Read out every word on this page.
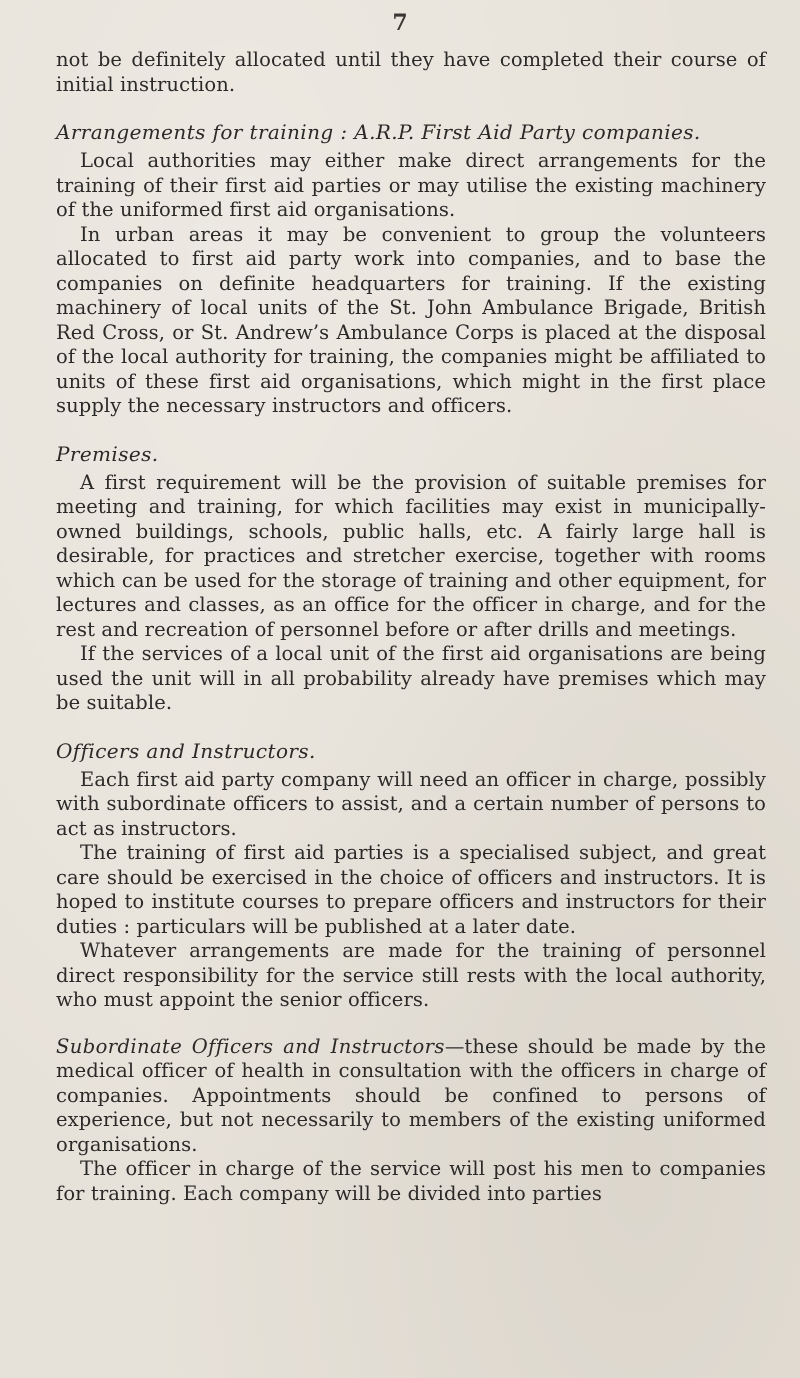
7

not be definitely allocated until they have completed their course of initial instruction.

Arrangements for training : A.R.P. First Aid Party companies.

Local authorities may either make direct arrangements for the training of their first aid parties or may utilise the existing machinery of the uniformed first aid organisations.

In urban areas it may be convenient to group the volunteers allocated to first aid party work into companies, and to base the companies on definite headquarters for training. If the existing machinery of local units of the St. John Ambulance Brigade, British Red Cross, or St. Andrew’s Ambulance Corps is placed at the disposal of the local authority for training, the companies might be affiliated to units of these first aid organisations, which might in the first place supply the necessary instructors and officers.

Premises.

A first requirement will be the provision of suitable premises for meeting and training, for which facilities may exist in municipally-owned buildings, schools, public halls, etc. A fairly large hall is desirable, for practices and stretcher exercise, together with rooms which can be used for the storage of training and other equipment, for lectures and classes, as an office for the officer in charge, and for the rest and recreation of personnel before or after drills and meetings.

If the services of a local unit of the first aid organisations are being used the unit will in all probability already have premises which may be suitable.

Officers and Instructors.

Each first aid party company will need an officer in charge, possibly with subordinate officers to assist, and a certain number of persons to act as instructors.

The training of first aid parties is a specialised subject, and great care should be exercised in the choice of officers and instructors. It is hoped to institute courses to prepare officers and instructors for their duties : particulars will be published at a later date.

Whatever arrangements are made for the training of personnel direct responsibility for the service still rests with the local authority, who must appoint the senior officers.

Subordinate Officers and Instructors—these should be made by the medical officer of health in consultation with the officers in charge of companies. Appointments should be confined to persons of experience, but not necessarily to members of the existing uniformed organisations.

The officer in charge of the service will post his men to companies for training. Each company will be divided into parties
